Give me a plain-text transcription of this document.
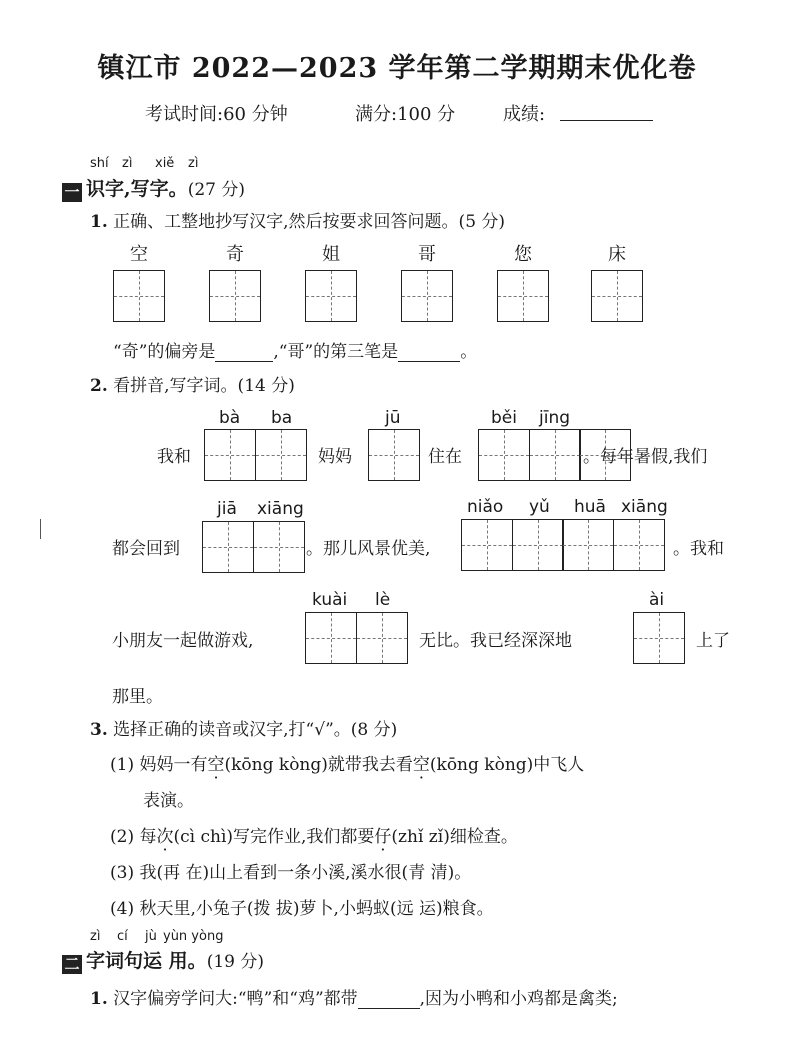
镇江市 2022—2023 学年第二学期期末优化卷
考试时间:60 分钟	满分:100 分	成绩:
shí zì xiě zì
一 识字,写字。(27 分)
1. 正确、工整地抄写汉字,然后按要求回答问题。(5 分)
空	奇	姐	哥	您	床
“奇”的偏旁是	,“哥”的第三笔是	。
2. 看拼音,写字词。(14 分)
bà ba
我和	妈妈
jū
住在
běi jīng
。每年暑假,我们
jiā xiāng
都会回到	。那儿风景优美,
niǎo yǔ huā xiāng
。我和
kuài lè
小朋友一起做游戏,	无比。我已经深深地
ài
上了
那里。
3. 选择正确的读音或汉字,打“√”。(8 分)
(1) 妈妈一有空(kōng kòng)就带我去看空(kōng kòng)中飞人
表演。
(2) 每次(cì chì)写完作业,我们都要仔(zhǐ zǐ)细检查。
(3) 我(再 在)山上看到一条小溪,溪水很(青 清)。
(4) 秋天里,小兔子(拨 拔)萝卜,小蚂蚁(远 运)粮食。
zì cí jù yùn yòng
二 字词句运 用。(19 分)
1. 汉字偏旁学问大:“鸭”和“鸡”都带	,因为小鸭和小鸡都是禽类;
